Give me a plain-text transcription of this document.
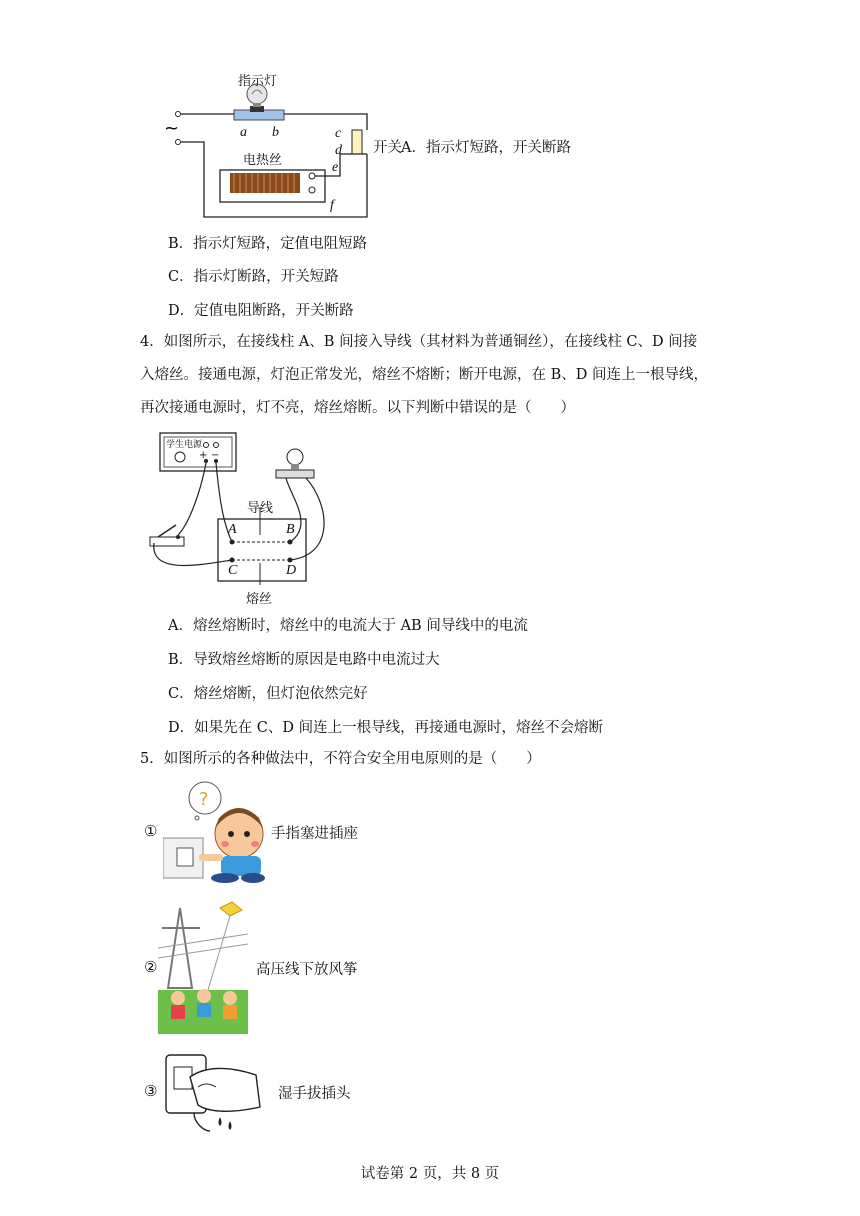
~
指示灯
a b	c
d
e
f
电热丝
开关 A．指示灯短路，开关断路
B．指示灯短路，定值电阻短路
C．指示灯断路，开关短路
D．定值电阻断路，开关断路
4．如图所示，在接线柱 A、B 间接入导线（其材料为普通铜丝），在接线柱 C、D 间接
入熔丝。接通电源，灯泡正常发光，熔丝不熔断；断开电源，在 B、D 间连上一根导线，
再次接通电源时，灯不亮，熔丝熔断。以下判断中错误的是（　　）
学生电源
+ −
导线
A	B
C	D
熔丝
A．熔丝熔断时，熔丝中的电流大于 AB 间导线中的电流
B．导致熔丝熔断的原因是电路中电流过大
C．熔丝熔断，但灯泡依然完好
D．如果先在 C、D 间连上一根导线，再接通电源时，熔丝不会熔断
5．如图所示的各种做法中，不符合安全用电原则的是（　　）
①
?
手指塞进插座
②	高压线下放风筝
③	湿手拔插头
试卷第 2 页，共 8 页
